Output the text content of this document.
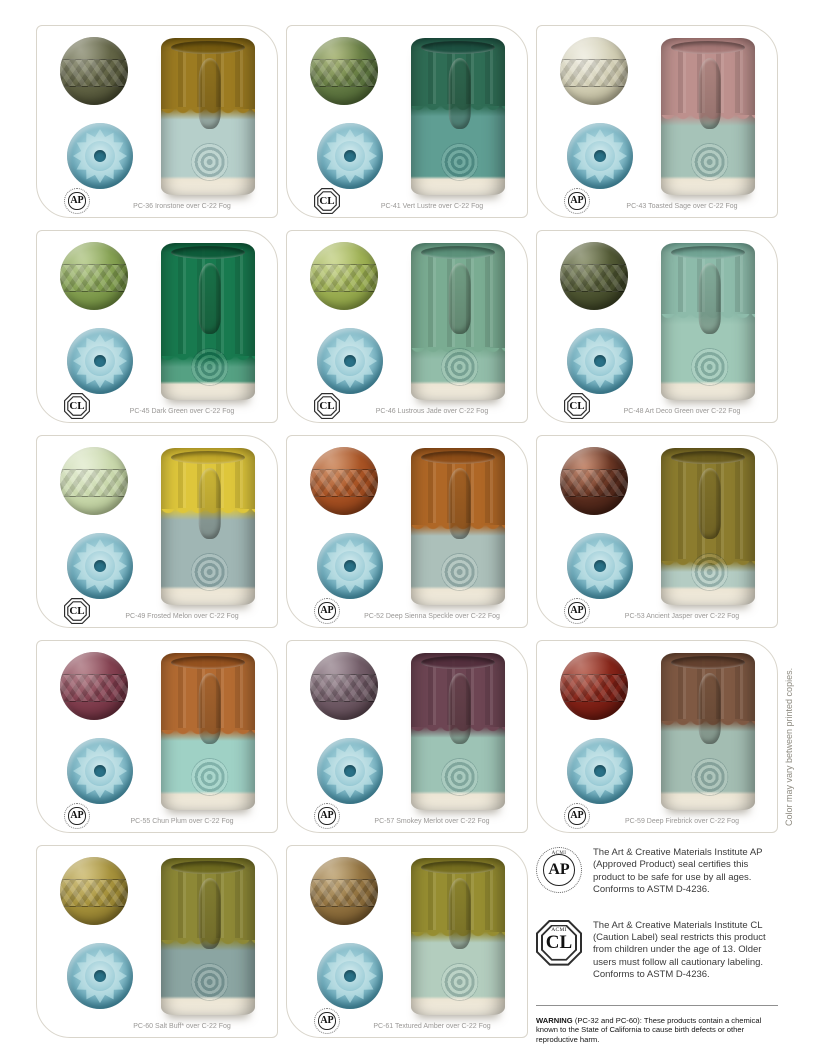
AP
PC-36 Ironstone over C-22 Fog	CL	PC-41 Vert Lustre over C-22 Fog
AP
PC-43 Toasted Sage over C-22 Fog
CL	PC-45 Dark Green over C-22 Fog	CL	PC-46 Lustrous Jade over C-22 Fog	CL	PC-48 Art Deco Green over C-22 Fog
CL	PC-49 Frosted Melon over C-22 Fog
AP
PC-52 Deep Sienna Speckle over C-22 Fog
AP
PC-53 Ancient Jasper over C-22 Fog
AP
PC-55 Chun Plum over C-22 Fog
AP
PC-57 Smokey Merlot over C-22 Fog
AP
PC-59 Deep Firebrick over C-22 Fog
PC-60 Salt Buff* over C-22 Fog
AP
PC-61 Textured Amber over C-22 Fog
ACMI
AP

The Art & Creative Materials Institute AP (Approved Product) seal certifies this product to be safe for use by all ages. Conforms to ASTM D-4236.

ACMI
CL

The Art & Creative Materials Institute CL (Caution Label) seal restricts this product from children under the age of 13. Older users must follow all cautionary labeling. Conforms to ASTM D-4236.

WARNING (PC-32 and PC-60): These products contain a chemical known to the State of California to cause birth defects or other reproductive harm.

Color may vary between printed copies.
